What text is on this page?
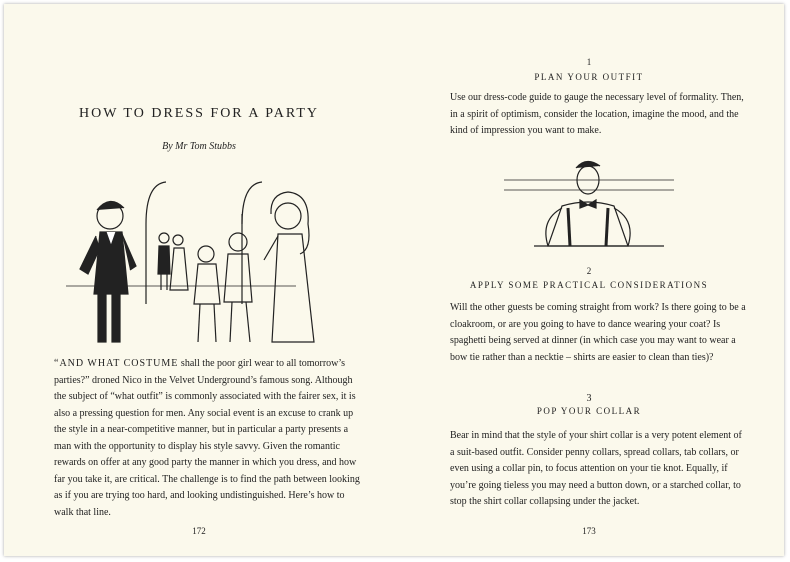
HOW TO DRESS FOR A PARTY
By Mr Tom Stubbs

“AND WHAT COSTUME shall the poor girl wear to all tomorrow’s parties?” droned Nico in the Velvet Underground’s famous song. Although the subject of “what outfit” is commonly associated with the fairer sex, it is also a pressing question for men. Any social event is an excuse to crank up the style in a near-competitive manner, but in particular a party presents a man with the opportunity to display his style savvy. Given the romantic rewards on offer at any good party the manner in which you dress, and how far you take it, are critical. The challenge is to find the path between looking as if you are trying too hard, and looking undistinguished. Here’s how to walk that line.

172
1
PLAN YOUR OUTFIT

Use our dress-code guide to gauge the necessary level of formality. Then, in a spirit of optimism, consider the location, imagine the mood, and the kind of impression you want to make.

2
APPLY SOME PRACTICAL CONSIDERATIONS

Will the other guests be coming straight from work? Is there going to be a cloakroom, or are you going to have to dance wearing your coat? Is spaghetti being served at dinner (in which case you may want to wear a bow tie rather than a necktie – shirts are easier to clean than ties)?

3
POP YOUR COLLAR

Bear in mind that the style of your shirt collar is a very potent element of a suit-based outfit. Consider penny collars, spread collars, tab collars, or even using a collar pin, to focus attention on your tie knot. Equally, if you’re going tieless you may need a button down, or a starched collar, to stop the shirt collar collapsing under the jacket.

173
